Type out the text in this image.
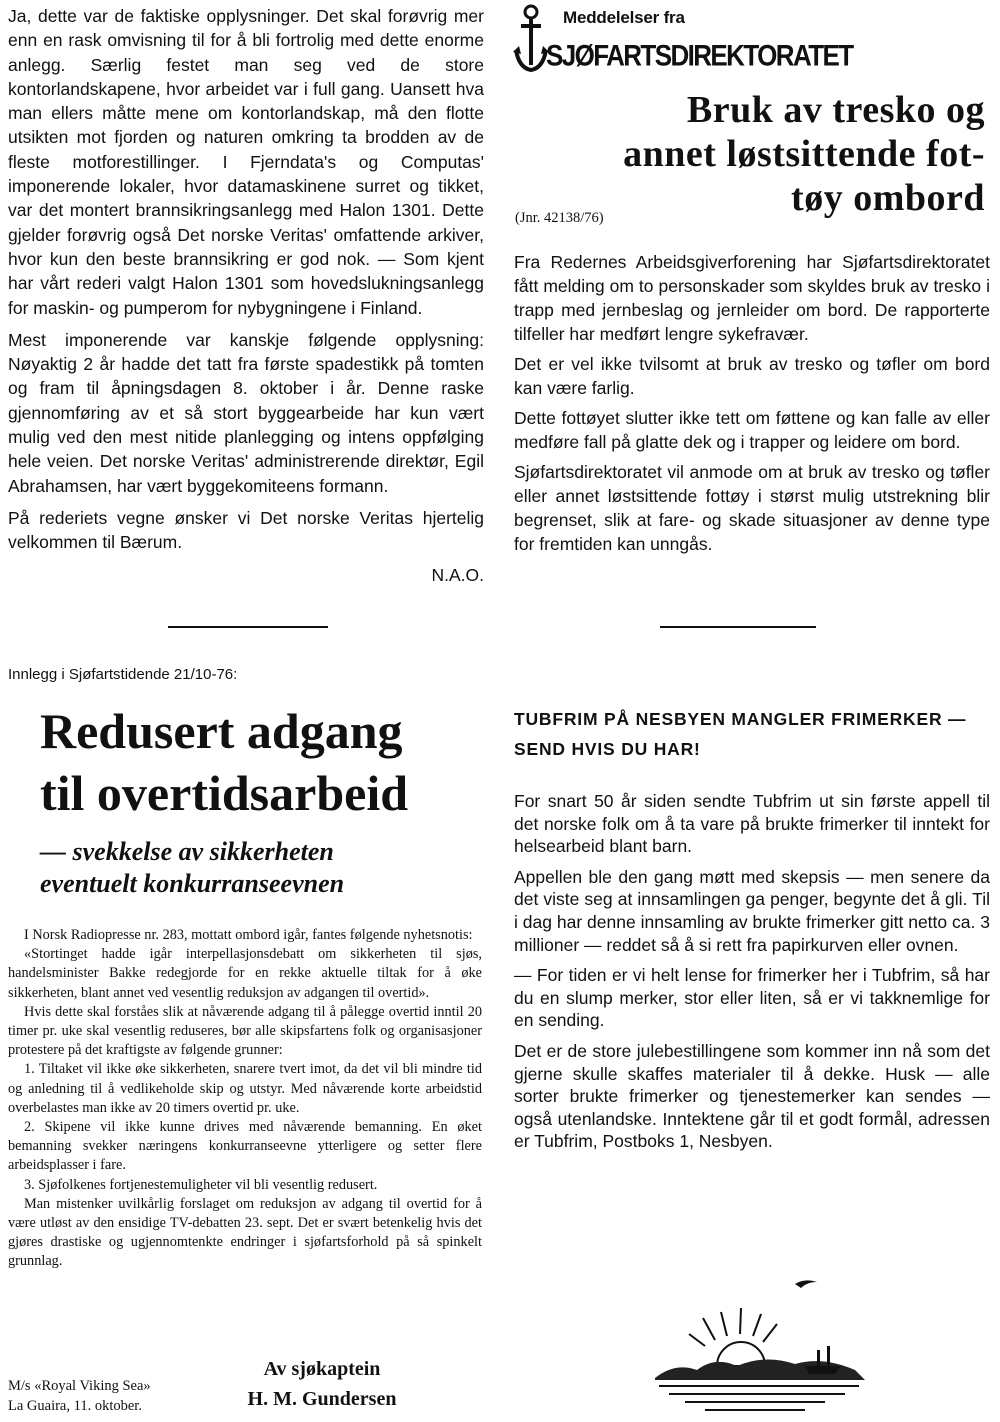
Ja, dette var de faktiske opplysninger. Det skal forøvrig mer enn en rask omvisning til for å bli fortrolig med dette enorme anlegg. Særlig festet man seg ved de store kontorlandskapene, hvor arbeidet var i full gang. Uansett hva man ellers måtte mene om kontorlandskap, må den flotte utsikten mot fjorden og naturen omkring ta brodden av de fleste motforestillinger. I Fjerndata's og Computas' imponerende lokaler, hvor datamaskinene surret og tikket, var det montert brannsikringsanlegg med Halon 1301. Dette gjelder forøvrig også Det norske Veritas' omfattende arkiver, hvor kun den beste brannsikring er god nok. — Som kjent har vårt rederi valgt Halon 1301 som hovedslukningsanlegg for maskin- og pumperom for nybygningene i Finland.

Mest imponerende var kanskje følgende opplysning: Nøyaktig 2 år hadde det tatt fra første spadestikk på tomten og fram til åpningsdagen 8. oktober i år. Denne raske gjennomføring av et så stort byggearbeide har kun vært mulig ved den mest nitide planlegging og intens oppfølging hele veien. Det norske Veritas' administrerende direktør, Egil Abrahamsen, har vært byggekomiteens formann.

På rederiets vegne ønsker vi Det norske Veritas hjertelig velkommen til Bærum.

N.A.O.
Meddelelser fra
SJØFARTSDIREKTORATET
Bruk av tresko og
annet løstsittende fot-
tøy ombord
(Jnr. 42138/76)

Fra Redernes Arbeidsgiverforening har Sjøfartsdirektoratet fått melding om to personskader som skyldes bruk av tresko i trapp med jernbeslag og jernleider om bord. De rapporterte tilfeller har medført lengre sykefravær.

Det er vel ikke tvilsomt at bruk av tresko og tøfler om bord kan være farlig.

Dette fottøyet slutter ikke tett om føttene og kan falle av eller medføre fall på glatte dek og i trapper og leidere om bord.

Sjøfartsdirektoratet vil anmode om at bruk av tresko og tøfler eller annet løstsittende fottøy i størst mulig utstrekning blir begrenset, slik at fare- og skade situasjoner av denne type for fremtiden kan unngås.

Innlegg i Sjøfartstidende 21/10-76:
Redusert adgang
til overtidsarbeid
— svekkelse av sikkerheten
eventuelt konkurranseevnen

I Norsk Radiopresse nr. 283, mottatt ombord igår, fantes følgende nyhetsnotis:

«Stortinget hadde igår interpellasjonsdebatt om sikkerheten til sjøs, handelsminister Bakke redegjorde for en rekke aktuelle tiltak for å øke sikkerheten, blant annet ved vesentlig reduksjon av adgangen til overtid».

Hvis dette skal forståes slik at nåværende adgang til å pålegge overtid inntil 20 timer pr. uke skal vesentlig reduseres, bør alle skipsfartens folk og organisasjoner protestere på det kraftigste av følgende grunner:

1. Tiltaket vil ikke øke sikkerheten, snarere tvert imot, da det vil bli mindre tid og anledning til å vedlikeholde skip og utstyr. Med nåværende korte arbeidstid overbelastes man ikke av 20 timers overtid pr. uke.

2. Skipene vil ikke kunne drives med nåværende bemanning. En øket bemanning svekker næringens konkurranseevne ytterligere og setter flere arbeidsplasser i fare.

3. Sjøfolkenes fortjenestemuligheter vil bli vesentlig redusert.

Man mistenker uvilkårlig forslaget om reduksjon av adgang til overtid for å være utløst av den ensidige TV-debatten 23. sept. Det er svært betenkelig hvis det gjøres drastiske og ugjennomtenkte endringer i sjøfartsforhold på så spinkelt grunnlag.

M/s «Royal Viking Sea»
La Guaira, 11. oktober.
Av sjøkaptein
H. M. Gundersen
TUBFRIM PÅ NESBYEN MANGLER FRIMERKER — SEND HVIS DU HAR!

For snart 50 år siden sendte Tubfrim ut sin første appell til det norske folk om å ta vare på brukte frimerker til inntekt for helsearbeid blant barn.

Appellen ble den gang møtt med skepsis — men senere da det viste seg at innsamlingen ga penger, begynte det å gli. Til i dag har denne innsamling av brukte frimerker gitt netto ca. 3 millioner — reddet så å si rett fra papirkurven eller ovnen.

— For tiden er vi helt lense for frimerker her i Tubfrim, så har du en slump merker, stor eller liten, så er vi takknemlige for en sending.

Det er de store julebestillingene som kommer inn nå som det gjerne skulle skaffes materialer til å dekke. Husk — alle sorter brukte frimerker og tjenestemerker kan sendes — også utenlandske. Inntektene går til et godt formål, adressen er Tubfrim, Postboks 1, Nesbyen.
